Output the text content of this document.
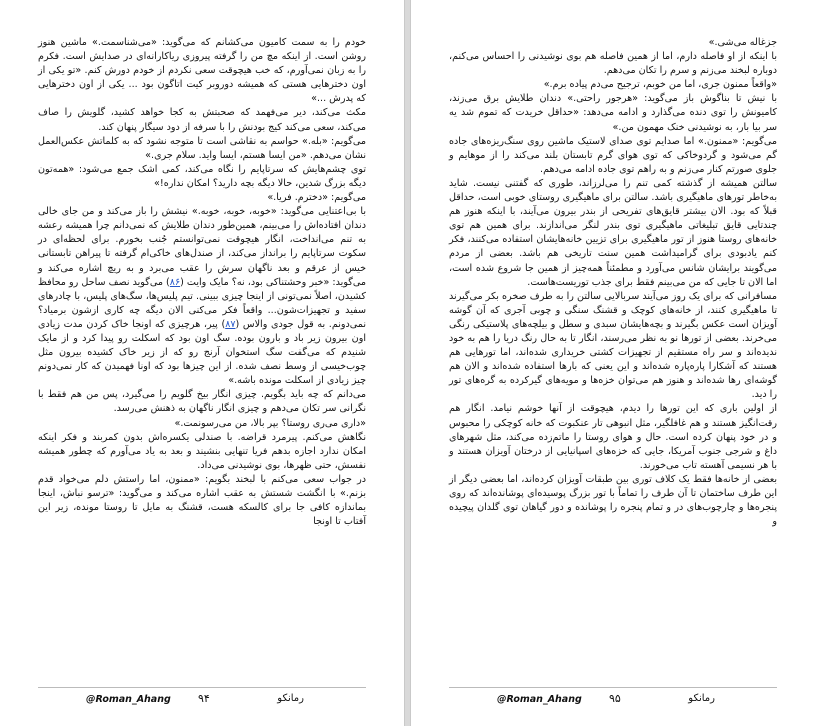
خودم را به سمت کامیون می‌کشانم که می‌گوید: «می‌شناسمت.» ماشین هنوز روشن است. از اینکه مچ من را گرفته پیروزی ریاکارانه‌ای در صدایش است. فکرم را به زبان نمی‌آورم، که خب هیچوقت سعی نکردم از خودم دورش کنم. «تو یکی از اون دخترهایی هستی که همیشه دوروبر کیت اتاگون بود ... یکی از اون دخترهایی که پدرش ...»

مکث می‌کند، دیر می‌فهمد که صحبتش به کجا خواهد کشید، گلویش را صاف می‌کند، سعی می‌کند کیج بودنش را با سرفه از دود سیگار پنهان کند.

می‌گویم: «بله.» حواسم به نقاشی است تا متوجه نشود که به کلماتش عکس‌العمل نشان می‌دهم. «من ایسا هستم، ایسا واید. سلام جری.»

توی چشم‌هایش که سرتاپایم را نگاه می‌کند، کمی اشک جمع می‌شود: «همه‌تون دیگه بزرگ شدین، حالا دیگه بچه دارید؟ امکان نداره!»

می‌گویم: «دخترم. فریا.»

با بی‌اعتنایی می‌گوید: «خوبه، خوبه، خوبه.» نیشش را باز می‌کند و من جای خالی دندان افتاده‌اش را می‌بینم، همین‌طور دندان طلایش که نمی‌دانم چرا همیشه رعشه به تنم می‌انداخت، انگار هیچوقت نمی‌توانستم جُنب بخورم. برای لحظه‌ای در سکوت سرتاپایم را برانداز می‌کند، از صندل‌های خاکی‌ام گرفته تا پیراهن تابستانی خیس از عرقم و بعد ناگهان سرش را عقب می‌برد و به ریچ اشاره می‌کند و می‌گوید: «خبر وحشتناکی بود، نه؟ مایک وایت (۸۶) می‌گوید نصف ساحل رو محافظ کشیدن، اصلاً نمی‌تونی از اینجا چیزی ببینی. تیم پلیس‌ها، سگ‌های پلیس، با چادرهای سفید و تجهیزات‌شون... واقعاً فکر می‌کنی الان دیگه چه کاری ازشون برمیاد؟ نمی‌دونم. به قول جودی والاس (۸۷) پیر، هرچیزی که اونجا خاک کردن مدت زیادی اون بیرون زیر باد و بارون بوده. سگ اون بود که اسکلت رو پیدا کرد و از مایک شنیدم که می‌گفت سگ استخوان آرنج رو که از زیر خاک کشیده بیرون مثل چوب‌خیسی از وسط نصف شده. از این چیزها بود که اونا فهمیدن که کار نمی‌دونم چیز زیادی از اسکلت مونده باشه.»

می‌دانم که چه باید بگویم. چیزی انگار بیخ گلویم را می‌گیرد، پس من هم فقط با نگرانی سر تکان می‌دهم و چیزی انگار ناگهان به ذهنش می‌رسد.

«داری می‌ری روستا؟ بپر بالا، من می‌رسونمت.»

نگاهش می‌کنم. پیرمرد قراضه. با صندلی یکسره‌اش بدون کمربند و فکر اینکه امکان ندارد اجازه بدهم فریا تنهایی بنشیند و بعد به یاد می‌آورم که چطور همیشه نفسش، حتی ظهرها، بوی نوشیدنی می‌داد.

در جواب سعی می‌کنم با لبخند بگویم: «ممنون، اما راستش دلم می‌خواد قدم بزنم.» با انگشت شستش به عقب اشاره می‌کند و می‌گوید: «ترسو نباش، اینجا بماندازه کافی جا برای کالسکه هست، قشنگ به مایل تا روستا مونده، زیر این آفتاب تا اونجا

@Roman_Ahang ۹۴	رمانکو

جزغاله می‌شی.»

با اینکه از او فاصله دارم، اما از همین فاصله هم بوی نوشیدنی را احساس می‌کنم، دوباره لبخند می‌زنم و سرم را تکان می‌دهم.

«واقعاً ممنون جری، اما من خوبم، ترجیح می‌دم پیاده برم.»

با نیش تا بناگوش باز می‌گوید: «هرجور راحتی.» دندان طلایش برق می‌زند، کامیونش را توی دنده می‌گذارد و ادامه می‌دهد: «حداقل خریدت که تموم شد یه سر بیا بار، به نوشیدنی خنک مهمون من.»

می‌گویم: «ممنون.» اما صدایم توی صدای لاستیک ماشین روی سنگ‌ریزه‌های جاده گم می‌شود و گردوخاکی که توی هوای گرم تابستان بلند می‌کند را از موهایم و جلوی صورتم کنار می‌زنم و به راهم توی جاده ادامه می‌دهم.

سالتن همیشه از گذشته کمی تنم را می‌لرزاند، طوری که گفتنی نیست. شاید به‌خاطر تورهای ماهیگیری باشد. سالتن برای ماهیگیری روستای خوبی است، حداقل قبلاً که بود. الان بیشتر قایق‌های تفریحی از بندر بیرون می‌آیند، با اینکه هنوز هم چندتایی قایق تبلیغاتی ماهیگیری توی بندر لنگر می‌اندازند. برای همین هم توی خانه‌های روستا هنوز از تور ماهیگیری برای تزیین خانه‌هایشان استفاده می‌کنند، فکر کنم یادبودی برای گرامیداشت همین سنت تاریخی هم باشد. بعضی از مردم می‌گویند برایشان شانس می‌آورد و مطمئناً همه‌چیز از همین جا شروع شده است، اما الان تا جایی که من می‌بینم فقط برای جذب توریست‌هاست.

مسافرانی که برای یک روز می‌آیند سربالایی سالتن را به طرف صخره بکر می‌گیرند تا ماهیگیری کنند، از خانه‌های کوچک و قشنگ سنگی و چوبی آجری که آن گوشه آویزان است عکس بگیرند و بچه‌هایشان سبدی و سطل و بیلچه‌های پلاستیکی رنگی می‌خرند. بعضی از تورها نو به نظر می‌رسند، انگار تا به حال رنگ دریا را هم به خود ندیده‌اند و سر راه مستقیم از تجهیزات کشتی خریداری شده‌اند، اما تورهایی هم هستند که آشکارا پاره‌پاره شده‌اند و این یعنی که بارها استفاده شده‌اند و الان هم گوشه‌ای رها شده‌اند و هنوز هم می‌توان خزه‌ها و مویه‌های گیرکرده به گره‌های تور را دید.

از اولین باری که این تورها را دیدم، هیچوقت از آنها خوشم نیامد. انگار هم رقت‌انگیز هستند و هم غافلگیر، مثل انبوهی تار عنکبوت که خانه کوچکی را محبوس و در خود پنهان کرده است. حال و هوای روستا را ماتم‌زده می‌کند، مثل شهرهای داغ و شرجی جنوب آمریکا، جایی که خزه‌های اسپانیایی از درختان آویزان هستند و با هر نسیمی آهسته تاب می‌خورند.

بعضی از خانه‌ها فقط یک کلاف توری بین طبقات آویزان کرده‌اند، اما بعضی دیگر از این طرف ساختمان تا آن طرف را تماماً با تور بزرگ پوسیده‌ای پوشانده‌اند که روی پنجره‌ها و چارچوب‌های در و تمام پنجره را پوشانده و دور گیاهان توی گلدان پیچیده و

@Roman_Ahang ۹۵	رمانکو
